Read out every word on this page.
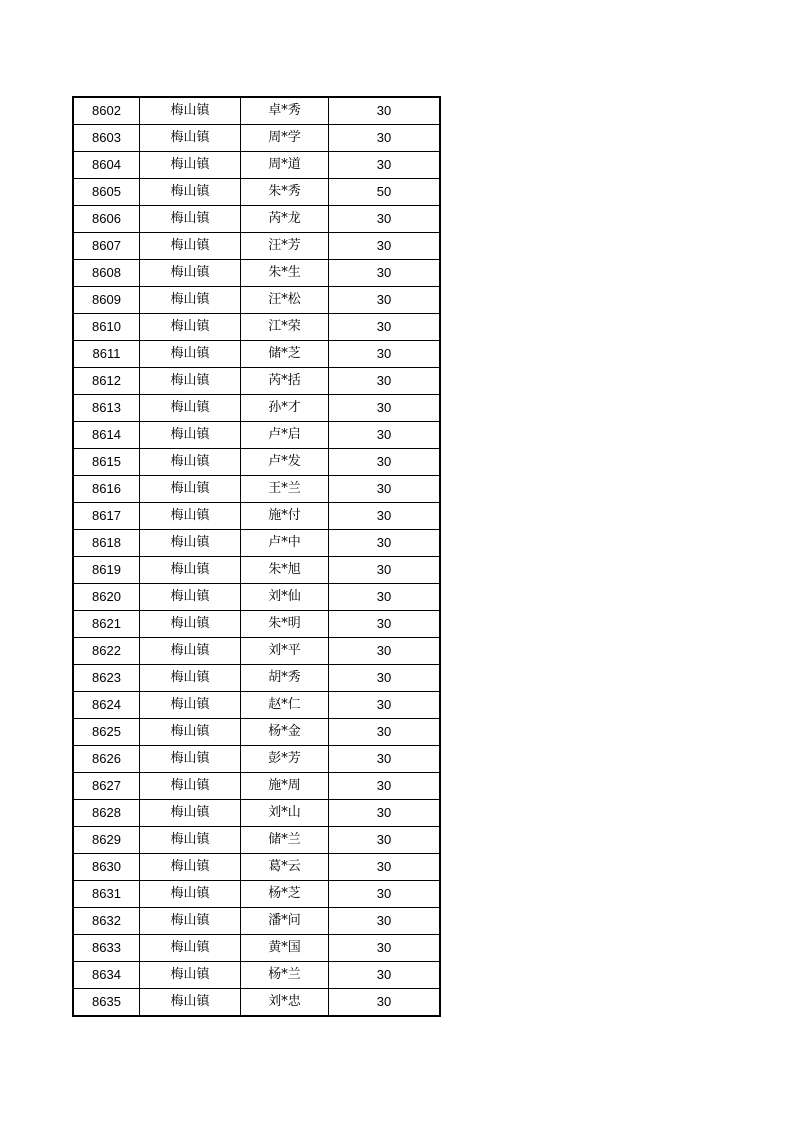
8602	梅山镇	卓*秀	30
8603	梅山镇	周*学	30
8604	梅山镇	周*道	30
8605	梅山镇	朱*秀	50
8606	梅山镇	芮*龙	30
8607	梅山镇	汪*芳	30
8608	梅山镇	朱*生	30
8609	梅山镇	汪*松	30
8610	梅山镇	江*荣	30
8611	梅山镇	储*芝	30
8612	梅山镇	芮*括	30
8613	梅山镇	孙*才	30
8614	梅山镇	卢*启	30
8615	梅山镇	卢*发	30
8616	梅山镇	王*兰	30
8617	梅山镇	施*付	30
8618	梅山镇	卢*中	30
8619	梅山镇	朱*旭	30
8620	梅山镇	刘*仙	30
8621	梅山镇	朱*明	30
8622	梅山镇	刘*平	30
8623	梅山镇	胡*秀	30
8624	梅山镇	赵*仁	30
8625	梅山镇	杨*金	30
8626	梅山镇	彭*芳	30
8627	梅山镇	施*周	30
8628	梅山镇	刘*山	30
8629	梅山镇	储*兰	30
8630	梅山镇	葛*云	30
8631	梅山镇	杨*芝	30
8632	梅山镇	潘*问	30
8633	梅山镇	黄*国	30
8634	梅山镇	杨*兰	30
8635	梅山镇	刘*忠	30
